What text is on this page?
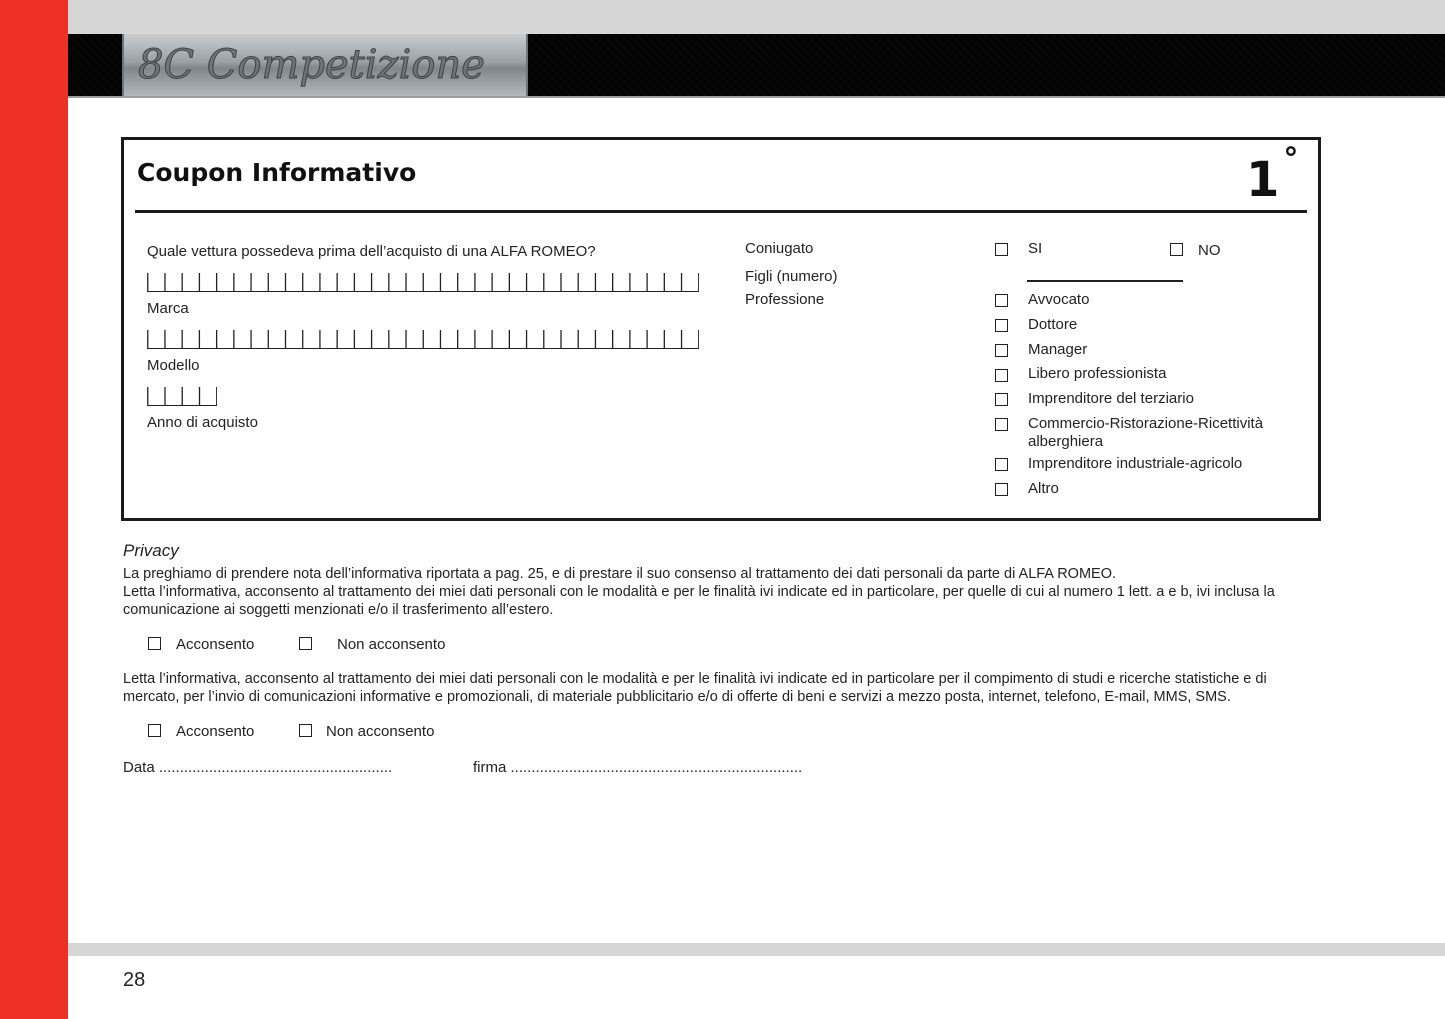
8C Competizione
Coupon Informativo	1 °
Quale vettura possedeva prima dell’acquisto di una ALFA ROMEO?
Marca
Modello
Anno di acquisto
Coniugato	SI	NO
Figli (numero)
Professione	Avvocato
Dottore
Manager
Libero professionista
Imprenditore del terziario
Commercio-Ristorazione-Ricettività alberghiera
Imprenditore industriale-agricolo
Altro
Privacy
La preghiamo di prendere nota dell’informativa riportata a pag. 25, e di prestare il suo consenso al trattamento dei dati personali da parte di ALFA ROMEO.
Letta l’informativa, acconsento al trattamento dei miei dati personali con le modalità e per le finalità ivi indicate ed in particolare, per quelle di cui al numero 1 lett. a e b, ivi inclusa la comunicazione ai soggetti menzionati e/o il trasferimento all’estero.
Acconsento	Non acconsento
Letta l’informativa, acconsento al trattamento dei miei dati personali con le modalità e per le finalità ivi indicate ed in particolare per il compimento di studi e ricerche statistiche e di mercato, per l’invio di comunicazioni informative e promozionali, di materiale pubblicitario e/o di offerte di beni e servizi a mezzo posta, internet, telefono, E-mail, MMS, SMS.
Acconsento	Non acconsento
Data ........................................................	firma ......................................................................
28
